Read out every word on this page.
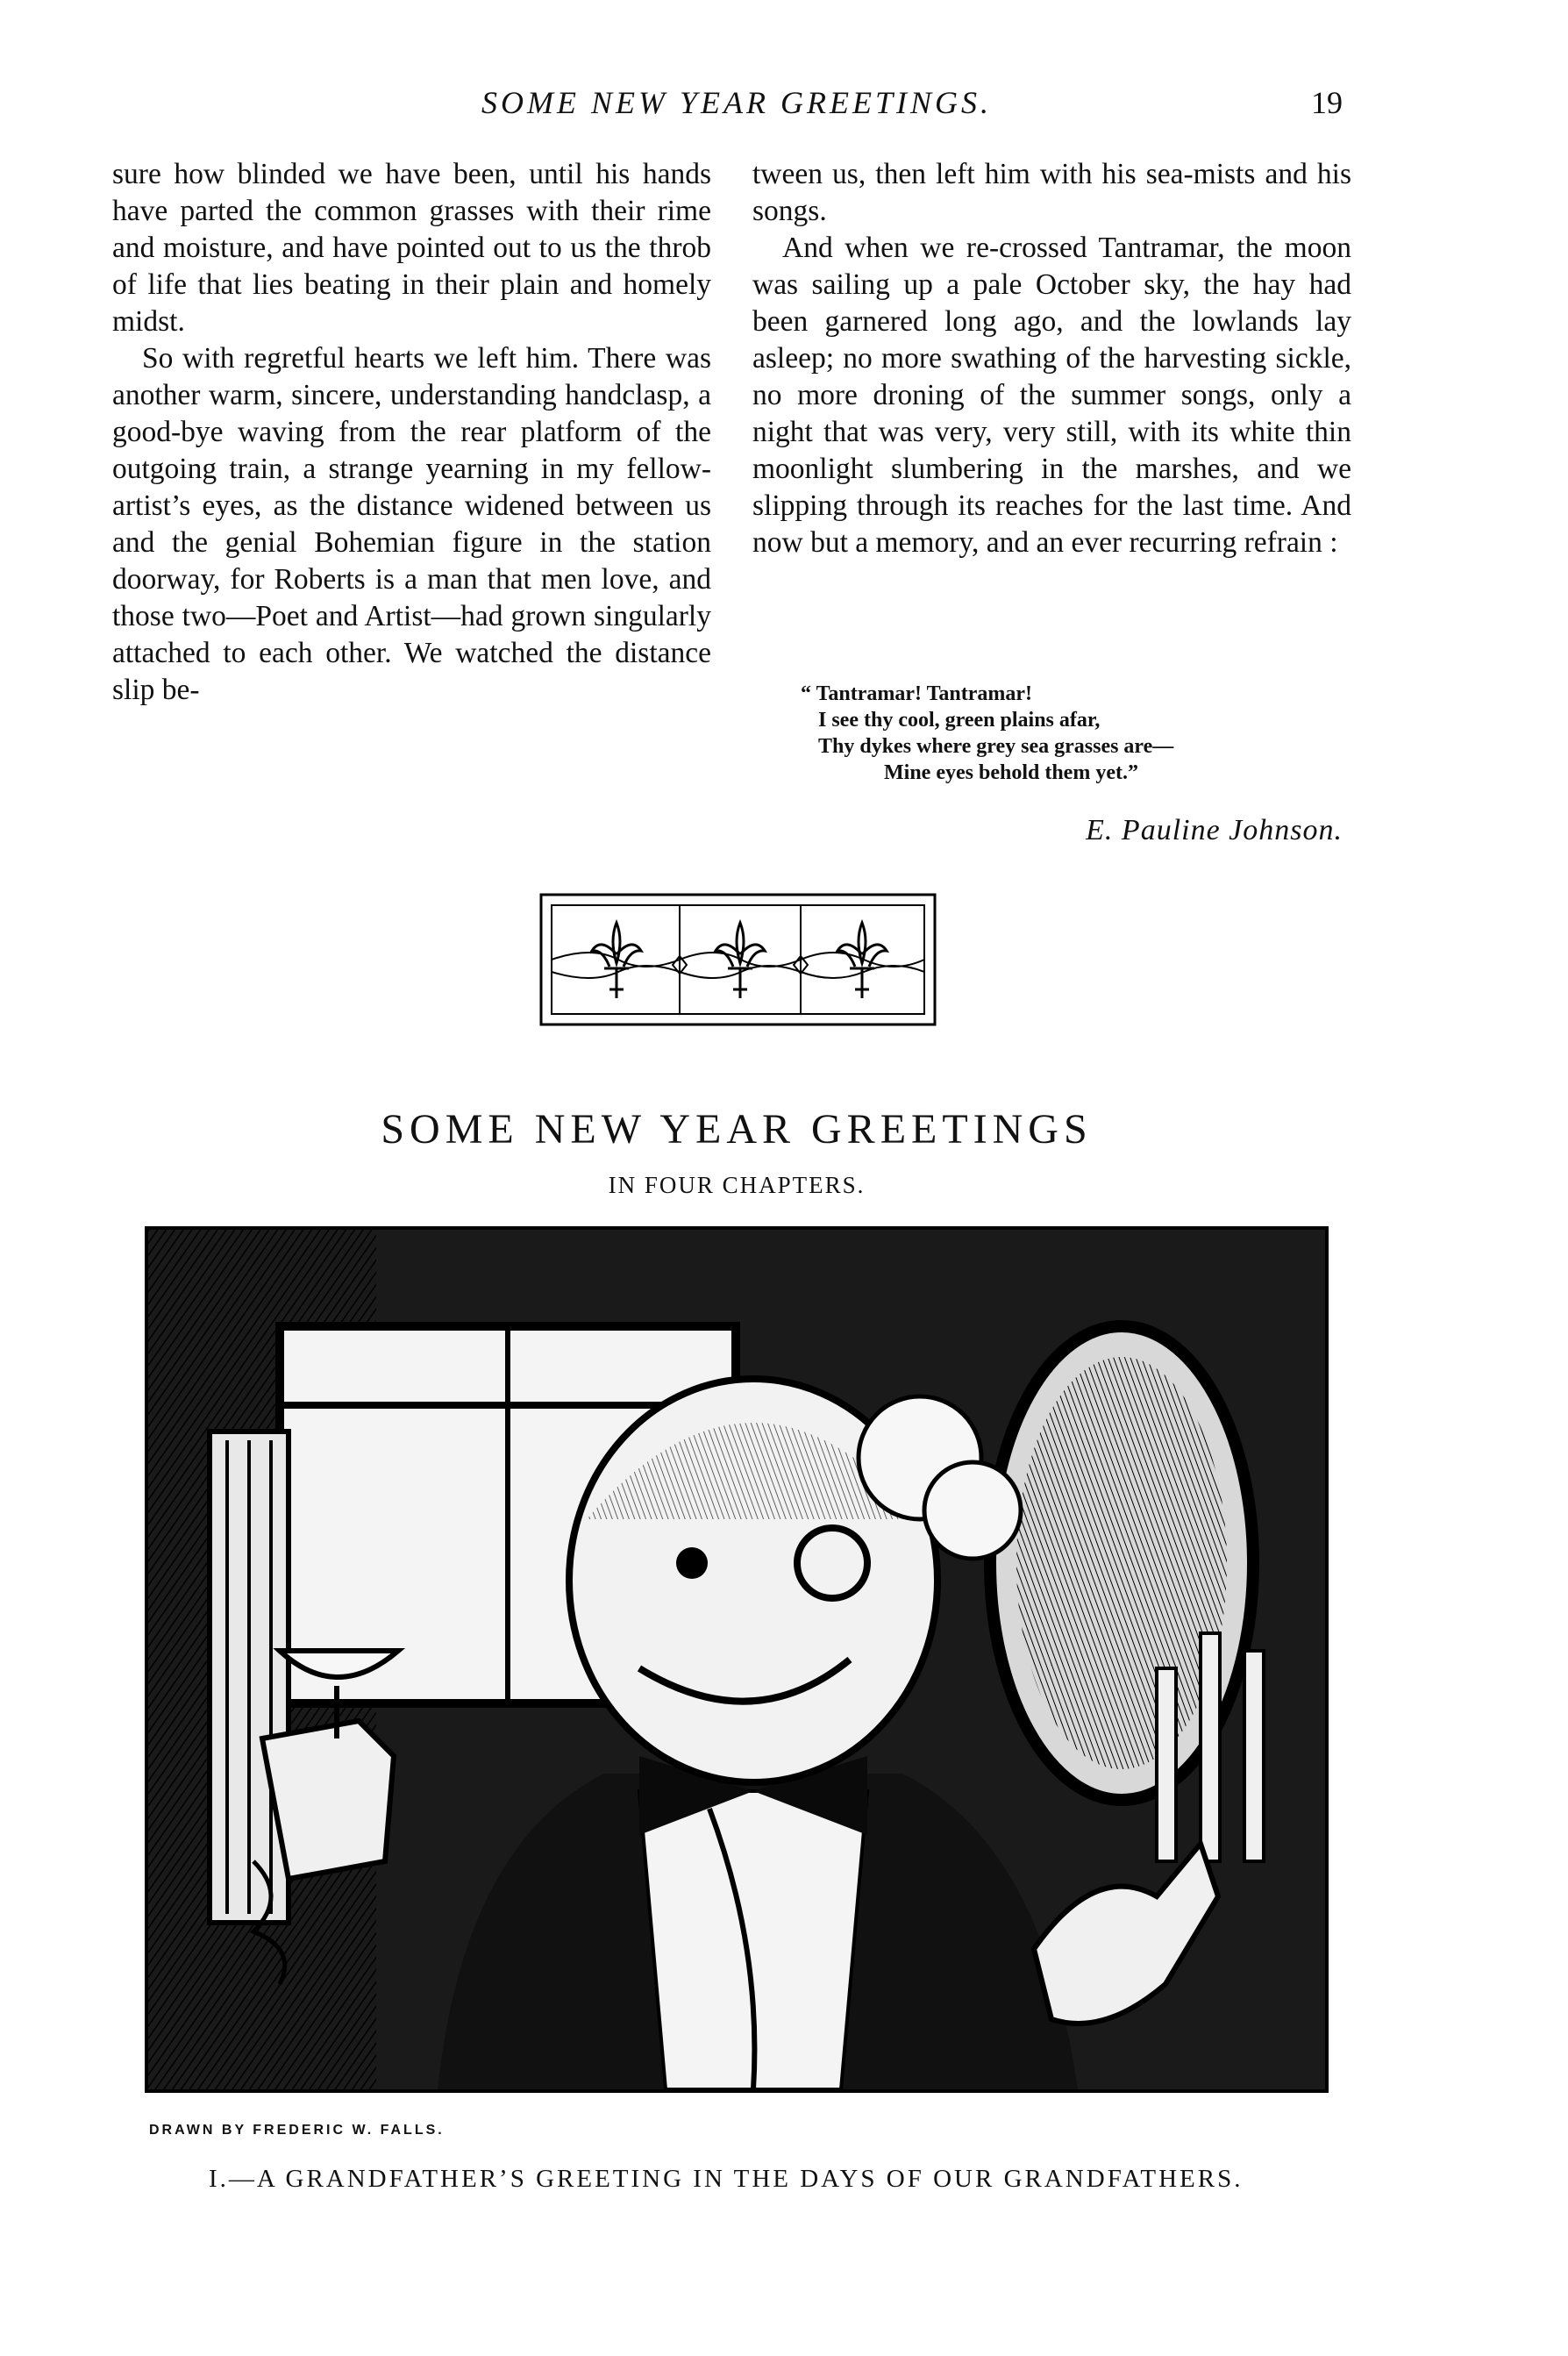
SOME NEW YEAR GREETINGS.	19

sure how blinded we have been, until his hands have parted the common grasses with their rime and moisture, and have pointed out to us the throb of life that lies beating in their plain and homely midst.

So with regretful hearts we left him. There was another warm, sincere, understanding handclasp, a good-bye waving from the rear platform of the outgoing train, a strange yearning in my fellow-artist’s eyes, as the distance widened between us and the genial Bohemian figure in the station doorway, for Roberts is a man that men love, and those two—Poet and Artist—had grown singularly attached to each other. We watched the distance slip be-

tween us, then left him with his sea-mists and his songs.

And when we re-crossed Tantramar, the moon was sailing up a pale October sky, the hay had been garnered long ago, and the lowlands lay asleep; no more swathing of the harvesting sickle, no more droning of the summer songs, only a night that was very, very still, with its white thin moonlight slumbering in the marshes, and we slipping through its reaches for the last time. And now but a memory, and an ever recurring refrain :

“ Tantramar! Tantramar!
I see thy cool, green plains afar,
Thy dykes where grey sea grasses are—
Mine eyes behold them yet.”
E. Pauline Johnson.
SOME NEW YEAR GREETINGS
IN FOUR CHAPTERS.
DRAWN BY FREDERIC W. FALLS.
I.—A GRANDFATHER’S GREETING IN THE DAYS OF OUR GRANDFATHERS.
